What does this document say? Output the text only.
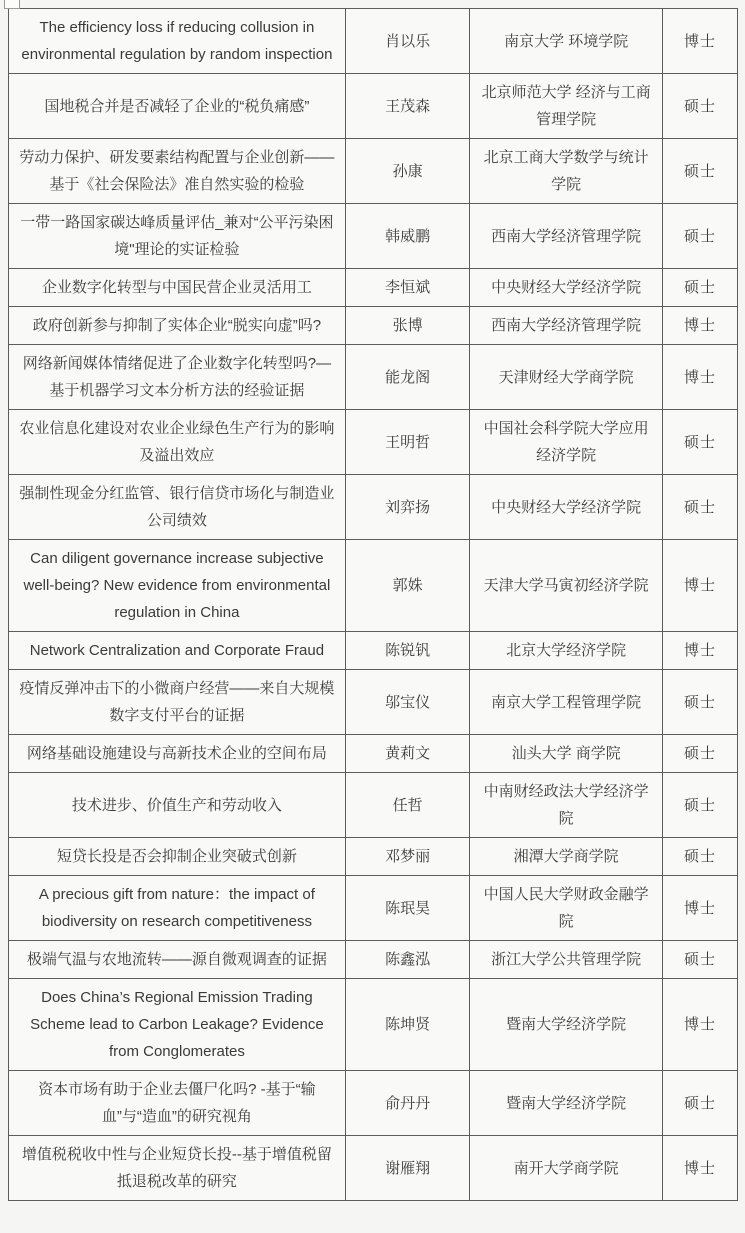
The efficiency loss if reducing collusion in environmental regulation by random inspection	肖以乐	南京大学 环境学院	博士
国地税合并是否减轻了企业的“税负痛感”	王茂森	北京师范大学 经济与工商管理学院	硕士
劳动力保护、研发要素结构配置与企业创新——基于《社会保险法》准自然实验的检验	孙康	北京工商大学数学与统计学院	硕士
一带一路国家碳达峰质量评估_兼对“公平污染困境"理论的实证检验	韩威鹏	西南大学经济管理学院	硕士
企业数字化转型与中国民营企业灵活用工	李恒斌	中央财经大学经济学院	硕士
政府创新参与抑制了实体企业“脱实向虚”吗?	张博	西南大学经济管理学院	博士
网络新闻媒体情绪促进了企业数字化转型吗?—基于机器学习文本分析方法的经验证据	能龙阁	天津财经大学商学院	博士
农业信息化建设对农业企业绿色生产行为的影响及溢出效应	王明哲	中国社会科学院大学应用经济学院	硕士
强制性现金分红监管、银行信贷市场化与制造业公司绩效	刘弈扬	中央财经大学经济学院	硕士
Can diligent governance increase subjective well-being? New evidence from environmental regulation in China	郭姝	天津大学马寅初经济学院	博士
Network Centralization and Corporate Fraud	陈锐钒	北京大学经济学院	博士
疫情反弹冲击下的小微商户经营——来自大规模数字支付平台的证据	邬宝仪	南京大学工程管理学院	硕士
网络基础设施建设与高新技术企业的空间布局	黄莉文	汕头大学 商学院	硕士
技术进步、价值生产和劳动收入	任哲	中南财经政法大学经济学院	硕士
短贷长投是否会抑制企业突破式创新	邓梦丽	湘潭大学商学院	硕士
A precious gift from nature：the impact of biodiversity on research competitiveness	陈珉昊	中国人民大学财政金融学院	博士
极端气温与农地流转——源自微观调查的证据	陈鑫泓	浙江大学公共管理学院	硕士
Does China’s Regional Emission Trading Scheme lead to Carbon Leakage? Evidence from Conglomerates	陈坤贤	暨南大学经济学院	博士
资本市场有助于企业去僵尸化吗? -基于“输血”与“造血”的研究视角	俞丹丹	暨南大学经济学院	硕士
增值税税收中性与企业短贷长投--基于增值税留抵退税改革的研究	谢雁翔	南开大学商学院	博士
